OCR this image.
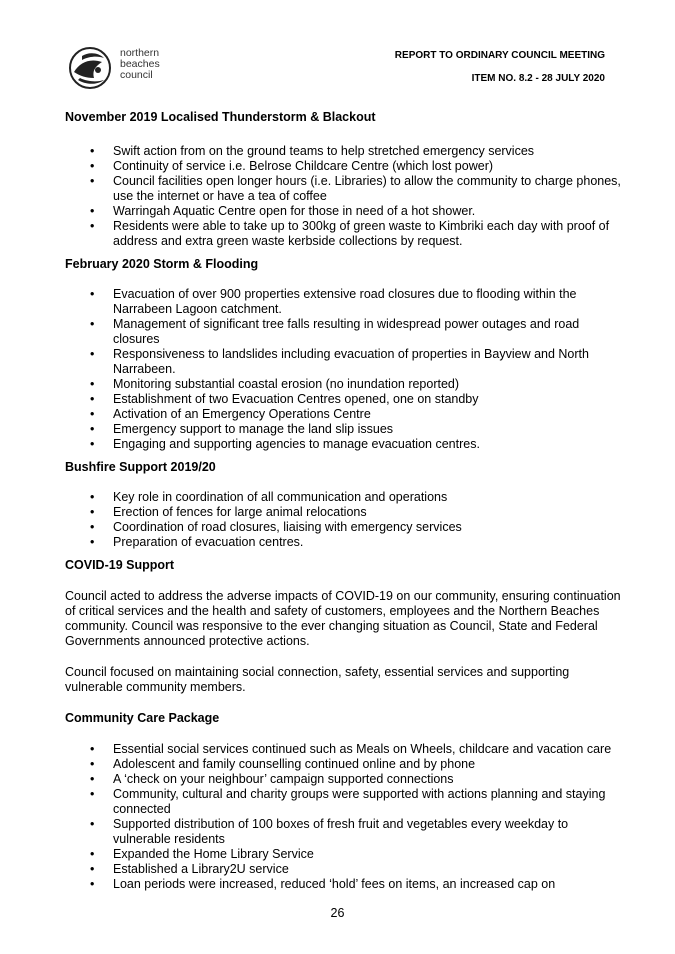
northern
beaches
council
REPORT TO ORDINARY COUNCIL MEETING
ITEM NO. 8.2 - 28 JULY 2020
November 2019 Localised Thunderstorm & Blackout
• Swift action from on the ground teams to help stretched emergency services
• Continuity of service i.e. Belrose Childcare Centre (which lost power)
• Council facilities open longer hours (i.e. Libraries) to allow the community to charge phones, use the internet or have a tea of coffee
• Warringah Aquatic Centre open for those in need of a hot shower.
• Residents were able to take up to 300kg of green waste to Kimbriki each day with proof of address and extra green waste kerbside collections by request.
February 2020 Storm & Flooding
• Evacuation of over 900 properties extensive road closures due to flooding within the Narrabeen Lagoon catchment.
• Management of significant tree falls resulting in widespread power outages and road closures
• Responsiveness to landslides including evacuation of properties in Bayview and North Narrabeen.
• Monitoring substantial coastal erosion (no inundation reported)
• Establishment of two Evacuation Centres opened, one on standby
• Activation of an Emergency Operations Centre
• Emergency support to manage the land slip issues
• Engaging and supporting agencies to manage evacuation centres.
Bushfire Support 2019/20
• Key role in coordination of all communication and operations
• Erection of fences for large animal relocations
• Coordination of road closures, liaising with emergency services
• Preparation of evacuation centres.
COVID-19 Support

Council acted to address the adverse impacts of COVID-19 on our community, ensuring continuation of critical services and the health and safety of customers, employees and the Northern Beaches community. Council was responsive to the ever changing situation as Council, State and Federal Governments announced protective actions.

Council focused on maintaining social connection, safety, essential services and supporting vulnerable community members.

Community Care Package
• Essential social services continued such as Meals on Wheels, childcare and vacation care
• Adolescent and family counselling continued online and by phone
• A ‘check on your neighbour’ campaign supported connections
• Community, cultural and charity groups were supported with actions planning and staying connected
• Supported distribution of 100 boxes of fresh fruit and vegetables every weekday to vulnerable residents
• Expanded the Home Library Service
• Established a Library2U service
• Loan periods were increased, reduced ‘hold’ fees on items, an increased cap on
26
